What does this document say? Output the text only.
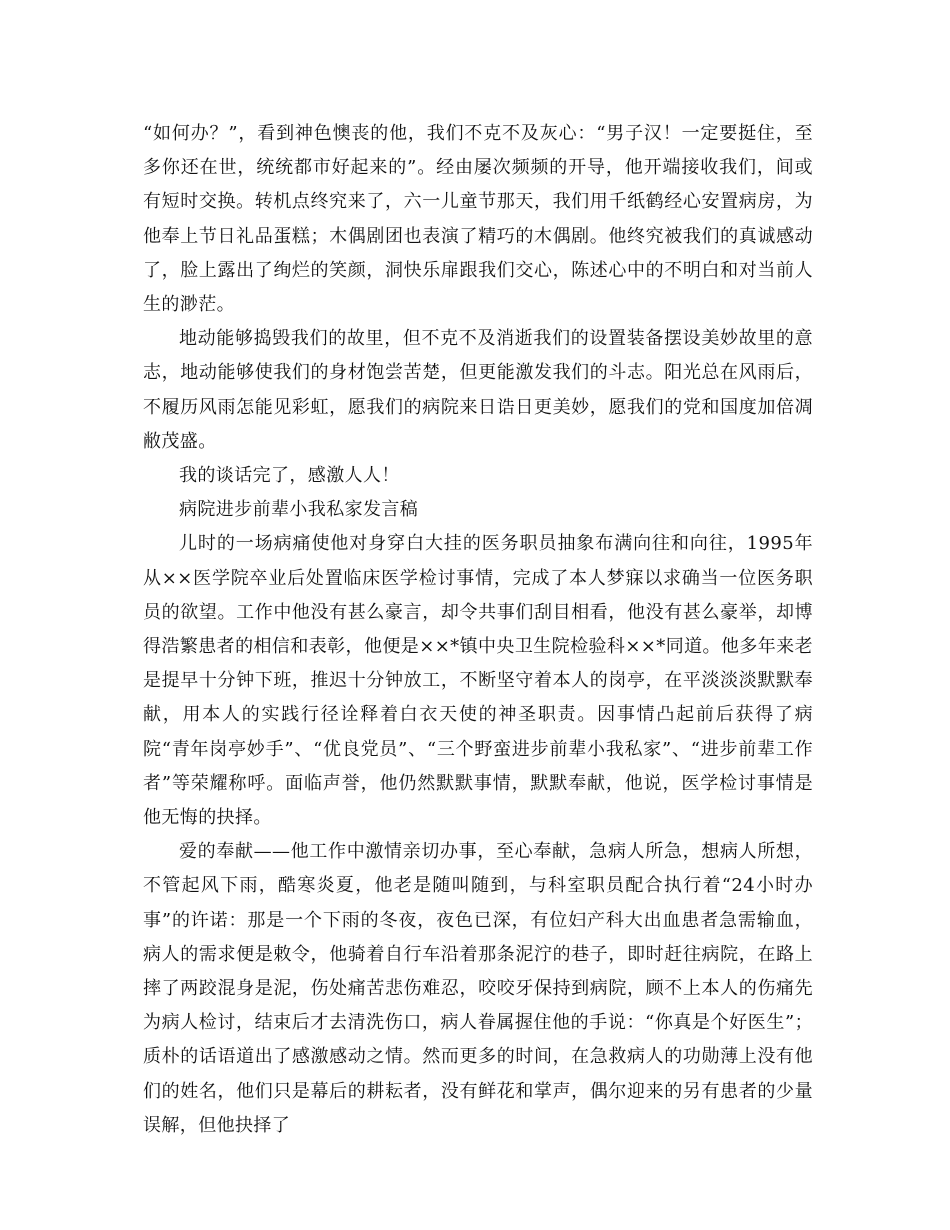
“如何办？”，看到神色懊丧的他，我们不克不及灰心：“男子汉！一定要挺住，至多你还在世，统统都市好起来的”。经由屡次频频的开导，他开端接收我们，间或有短时交换。转机点终究来了，六一儿童节那天，我们用千纸鹤经心安置病房，为他奉上节日礼品蛋糕；木偶剧团也表演了精巧的木偶剧。他终究被我们的真诚感动了，脸上露出了绚烂的笑颜，洞快乐扉跟我们交心，陈述心中的不明白和对当前人生的渺茫。

地动能够捣毁我们的故里，但不克不及消逝我们的设置装备摆设美妙故里的意志，地动能够使我们的身材饱尝苦楚，但更能激发我们的斗志。阳光总在风雨后，不履历风雨怎能见彩虹，愿我们的病院来日诰日更美妙，愿我们的党和国度加倍凋敝茂盛。

我的谈话完了，感激人人！

病院进步前辈小我私家发言稿

儿时的一场病痛使他对身穿白大挂的医务职员抽象布满向往和向往，1995年从××医学院卒业后处置临床医学检讨事情，完成了本人梦寐以求确当一位医务职员的欲望。工作中他没有甚么豪言，却令共事们刮目相看，他没有甚么豪举，却博得浩繁患者的相信和表彰，他便是××*镇中央卫生院检验科××*同道。他多年来老是提早十分钟下班，推迟十分钟放工，不断坚守着本人的岗亭，在平淡淡淡默默奉献，用本人的实践行径诠释着白衣天使的神圣职责。因事情凸起前后获得了病院“青年岗亭妙手”、“优良党员”、“三个野蛮进步前辈小我私家”、“进步前辈工作者”等荣耀称呼。面临声誉，他仍然默默事情，默默奉献，他说，医学检讨事情是他无悔的抉择。

爱的奉献——他工作中激情亲切办事，至心奉献，急病人所急，想病人所想，不管起风下雨，酷寒炎夏，他老是随叫随到，与科室职员配合执行着“24小时办事”的许诺：那是一个下雨的冬夜，夜色已深，有位妇产科大出血患者急需输血，病人的需求便是敕令，他骑着自行车沿着那条泥泞的巷子，即时赶往病院，在路上摔了两跤混身是泥，伤处痛苦悲伤难忍，咬咬牙保持到病院，顾不上本人的伤痛先为病人检讨，结束后才去清洗伤口，病人眷属握住他的手说：“你真是个好医生”；质朴的话语道出了感激感动之情。然而更多的时间，在急救病人的功勋薄上没有他们的姓名，他们只是幕后的耕耘者，没有鲜花和掌声，偶尔迎来的另有患者的少量误解，但他抉择了
